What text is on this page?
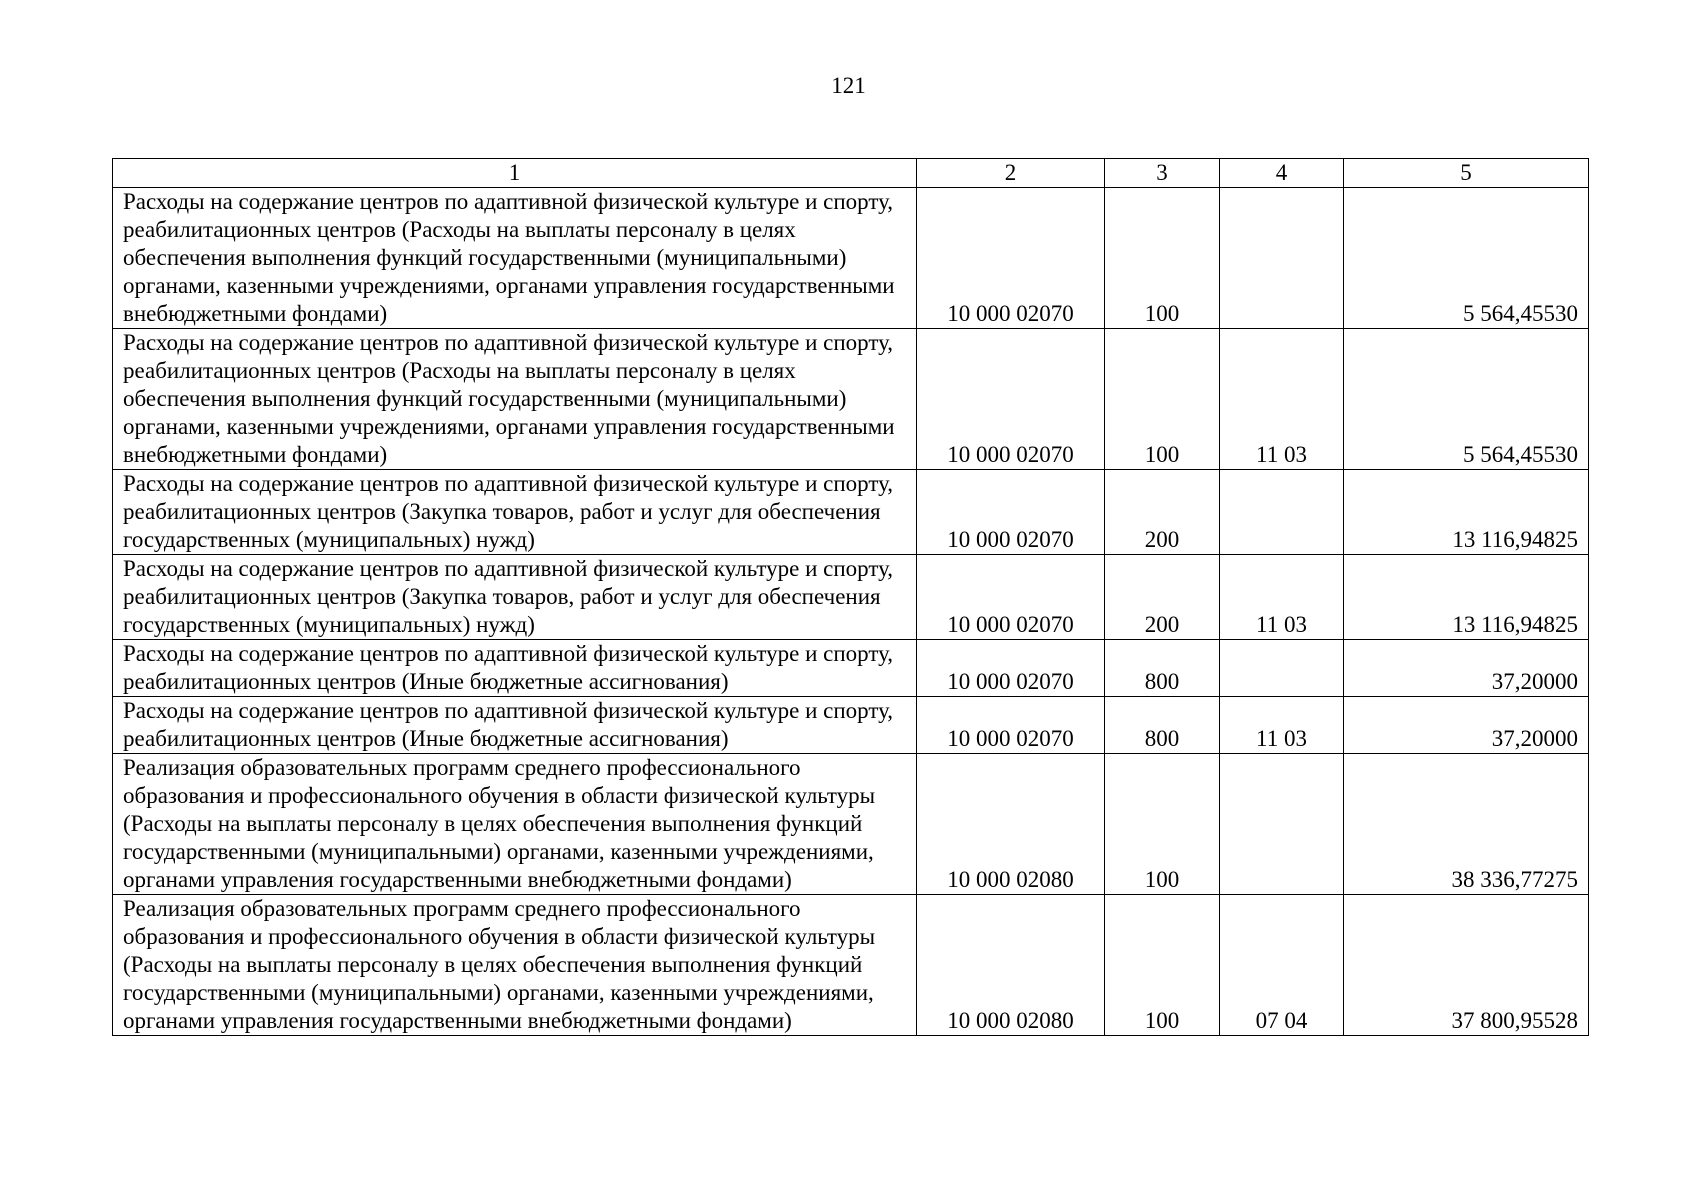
121
1	2	3	4	5
Расходы на содержание центров по адаптивной физической культуре и спорту, реабилитационных центров (Расходы на выплаты персоналу в целях обеспечения выполнения функций государственными (муниципальными) органами, казенными учреждениями, органами управления государственными внебюджетными фондами)	10 000 02070	100		5 564,45530
Расходы на содержание центров по адаптивной физической культуре и спорту, реабилитационных центров (Расходы на выплаты персоналу в целях обеспечения выполнения функций государственными (муниципальными) органами, казенными учреждениями, органами управления государственными внебюджетными фондами)	10 000 02070	100	11 03	5 564,45530
Расходы на содержание центров по адаптивной физической культуре и спорту, реабилитационных центров (Закупка товаров, работ и услуг для обеспечения государственных (муниципальных) нужд)	10 000 02070	200		13 116,94825
Расходы на содержание центров по адаптивной физической культуре и спорту, реабилитационных центров (Закупка товаров, работ и услуг для обеспечения государственных (муниципальных) нужд)	10 000 02070	200	11 03	13 116,94825
Расходы на содержание центров по адаптивной физической культуре и спорту, реабилитационных центров (Иные бюджетные ассигнования)	10 000 02070	800		37,20000
Расходы на содержание центров по адаптивной физической культуре и спорту, реабилитационных центров (Иные бюджетные ассигнования)	10 000 02070	800	11 03	37,20000
Реализация образовательных программ среднего профессионального образования и профессионального обучения в области физической культуры (Расходы на выплаты персоналу в целях обеспечения выполнения функций государственными (муниципальными) органами, казенными учреждениями, органами управления государственными внебюджетными фондами)	10 000 02080	100		38 336,77275
Реализация образовательных программ среднего профессионального образования и профессионального обучения в области физической культуры (Расходы на выплаты персоналу в целях обеспечения выполнения функций государственными (муниципальными) органами, казенными учреждениями, органами управления государственными внебюджетными фондами)	10 000 02080	100	07 04	37 800,95528
